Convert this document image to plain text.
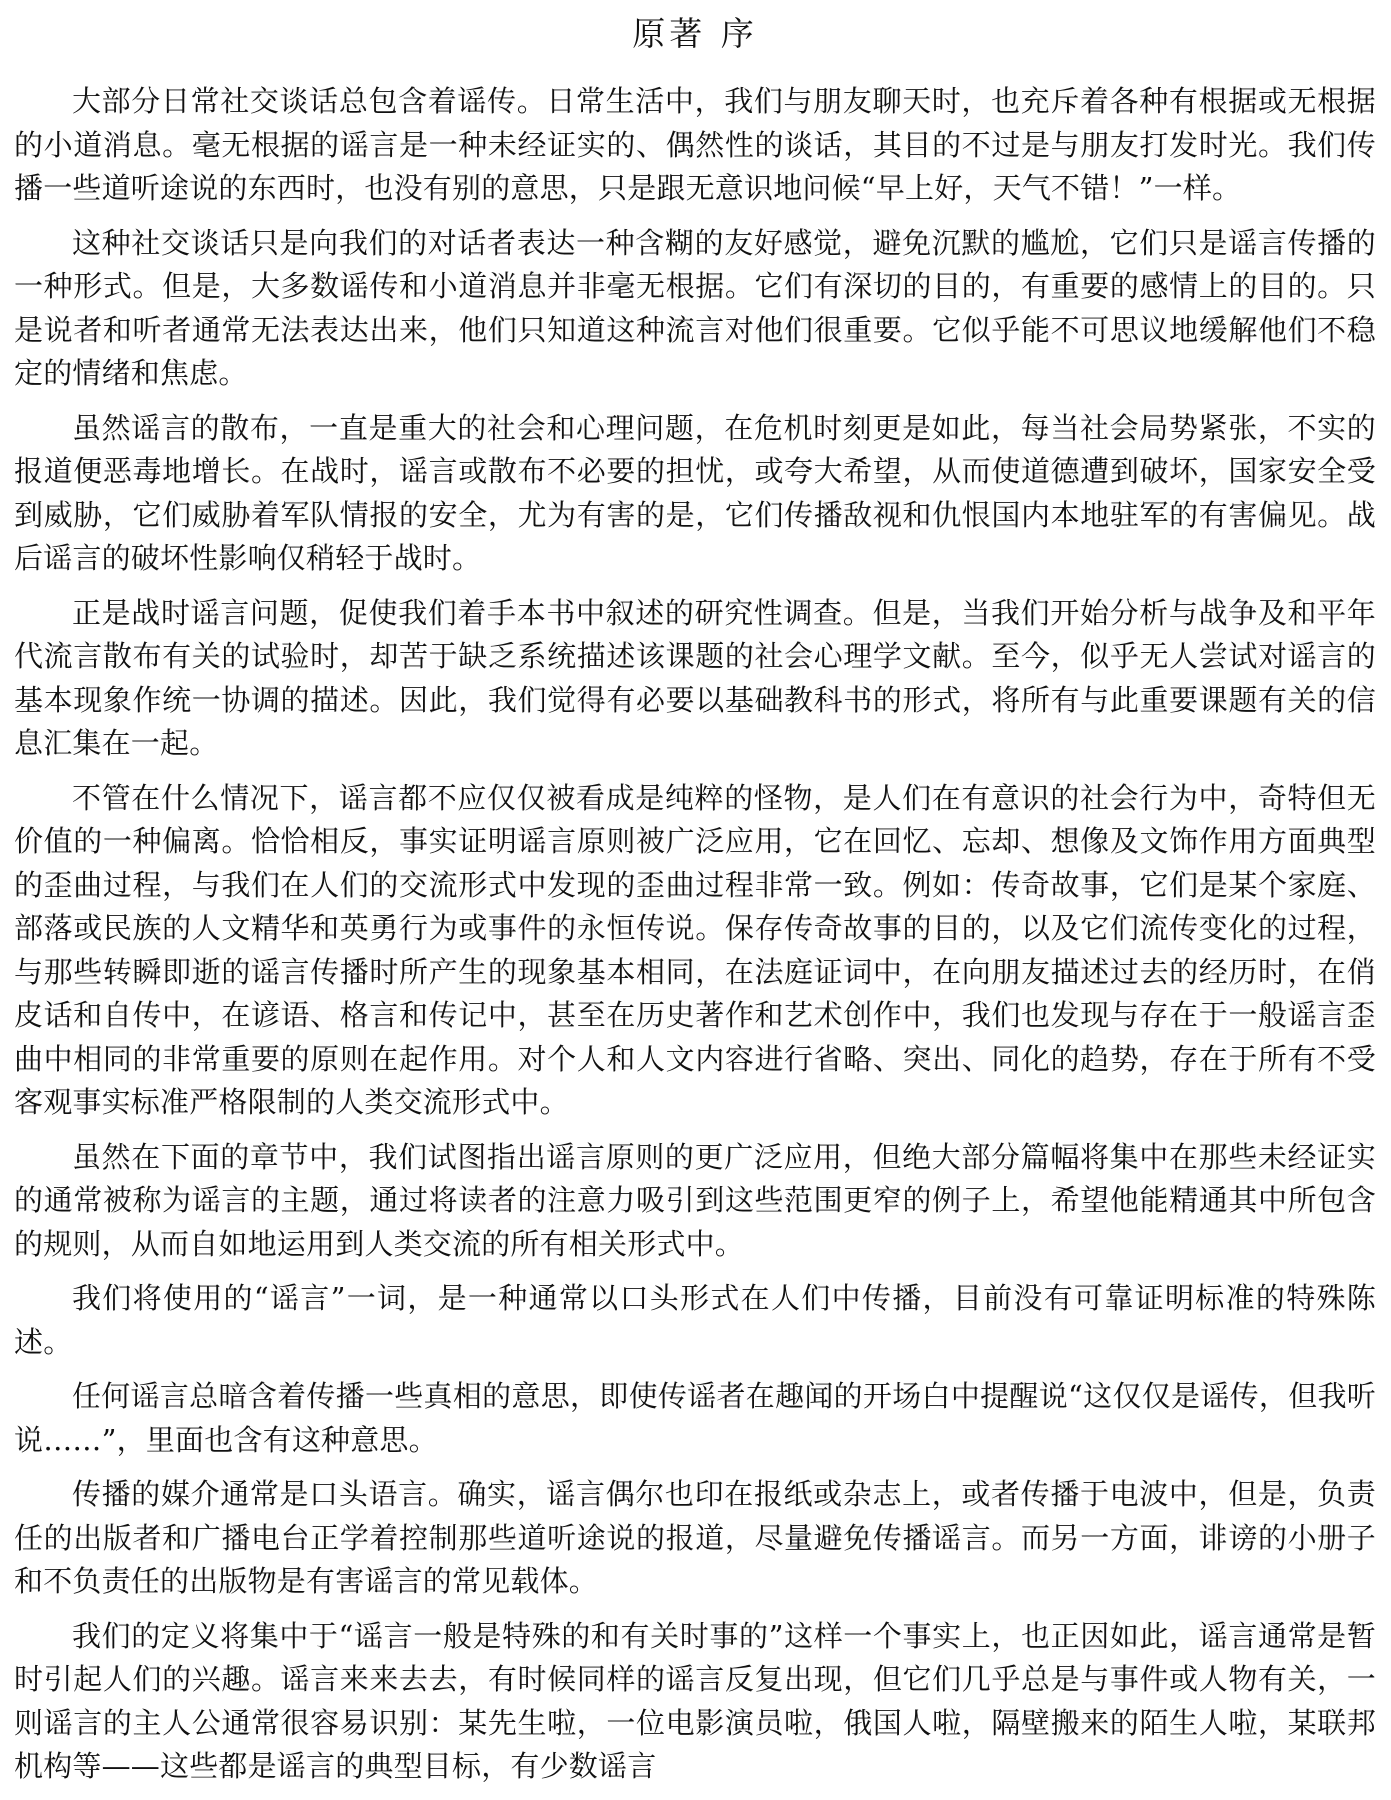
原著 序
大部分日常社交谈话总包含着谣传。日常生活中，我们与朋友聊天时，也充斥着各种有根据或无根据的小道消息。毫无根据的谣言是一种未经证实的、偶然性的谈话，其目的不过是与朋友打发时光。我们传播一些道听途说的东西时，也没有别的意思，只是跟无意识地问候“早上好，天气不错！”一样。
这种社交谈话只是向我们的对话者表达一种含糊的友好感觉，避免沉默的尴尬，它们只是谣言传播的一种形式。但是，大多数谣传和小道消息并非毫无根据。它们有深切的目的，有重要的感情上的目的。只是说者和听者通常无法表达出来，他们只知道这种流言对他们很重要。它似乎能不可思议地缓解他们不稳定的情绪和焦虑。
虽然谣言的散布，一直是重大的社会和心理问题，在危机时刻更是如此，每当社会局势紧张，不实的报道便恶毒地增长。在战时，谣言或散布不必要的担忧，或夸大希望，从而使道德遭到破坏，国家安全受到威胁，它们威胁着军队情报的安全，尤为有害的是，它们传播敌视和仇恨国内本地驻军的有害偏见。战后谣言的破坏性影响仅稍轻于战时。
正是战时谣言问题，促使我们着手本书中叙述的研究性调查。但是，当我们开始分析与战争及和平年代流言散布有关的试验时，却苦于缺乏系统描述该课题的社会心理学文献。至今，似乎无人尝试对谣言的基本现象作统一协调的描述。因此，我们觉得有必要以基础教科书的形式，将所有与此重要课题有关的信息汇集在一起。
不管在什么情况下，谣言都不应仅仅被看成是纯粹的怪物，是人们在有意识的社会行为中，奇特但无价值的一种偏离。恰恰相反，事实证明谣言原则被广泛应用，它在回忆、忘却、想像及文饰作用方面典型的歪曲过程，与我们在人们的交流形式中发现的歪曲过程非常一致。例如：传奇故事，它们是某个家庭、部落或民族的人文精华和英勇行为或事件的永恒传说。保存传奇故事的目的，以及它们流传变化的过程，与那些转瞬即逝的谣言传播时所产生的现象基本相同，在法庭证词中，在向朋友描述过去的经历时，在俏皮话和自传中，在谚语、格言和传记中，甚至在历史著作和艺术创作中，我们也发现与存在于一般谣言歪曲中相同的非常重要的原则在起作用。对个人和人文内容进行省略、突出、同化的趋势，存在于所有不受客观事实标准严格限制的人类交流形式中。
虽然在下面的章节中，我们试图指出谣言原则的更广泛应用，但绝大部分篇幅将集中在那些未经证实的通常被称为谣言的主题，通过将读者的注意力吸引到这些范围更窄的例子上，希望他能精通其中所包含的规则，从而自如地运用到人类交流的所有相关形式中。
我们将使用的“谣言”一词，是一种通常以口头形式在人们中传播，目前没有可靠证明标准的特殊陈述。
任何谣言总暗含着传播一些真相的意思，即使传谣者在趣闻的开场白中提醒说“这仅仅是谣传，但我听说……”，里面也含有这种意思。
传播的媒介通常是口头语言。确实，谣言偶尔也印在报纸或杂志上，或者传播于电波中，但是，负责任的出版者和广播电台正学着控制那些道听途说的报道，尽量避免传播谣言。而另一方面，诽谤的小册子和不负责任的出版物是有害谣言的常见载体。
我们的定义将集中于“谣言一般是特殊的和有关时事的”这样一个事实上，也正因如此，谣言通常是暂时引起人们的兴趣。谣言来来去去，有时候同样的谣言反复出现，但它们几乎总是与事件或人物有关，一则谣言的主人公通常很容易识别：某先生啦，一位电影演员啦，俄国人啦，隔壁搬来的陌生人啦，某联邦机构等——这些都是谣言的典型目标，有少数谣言
